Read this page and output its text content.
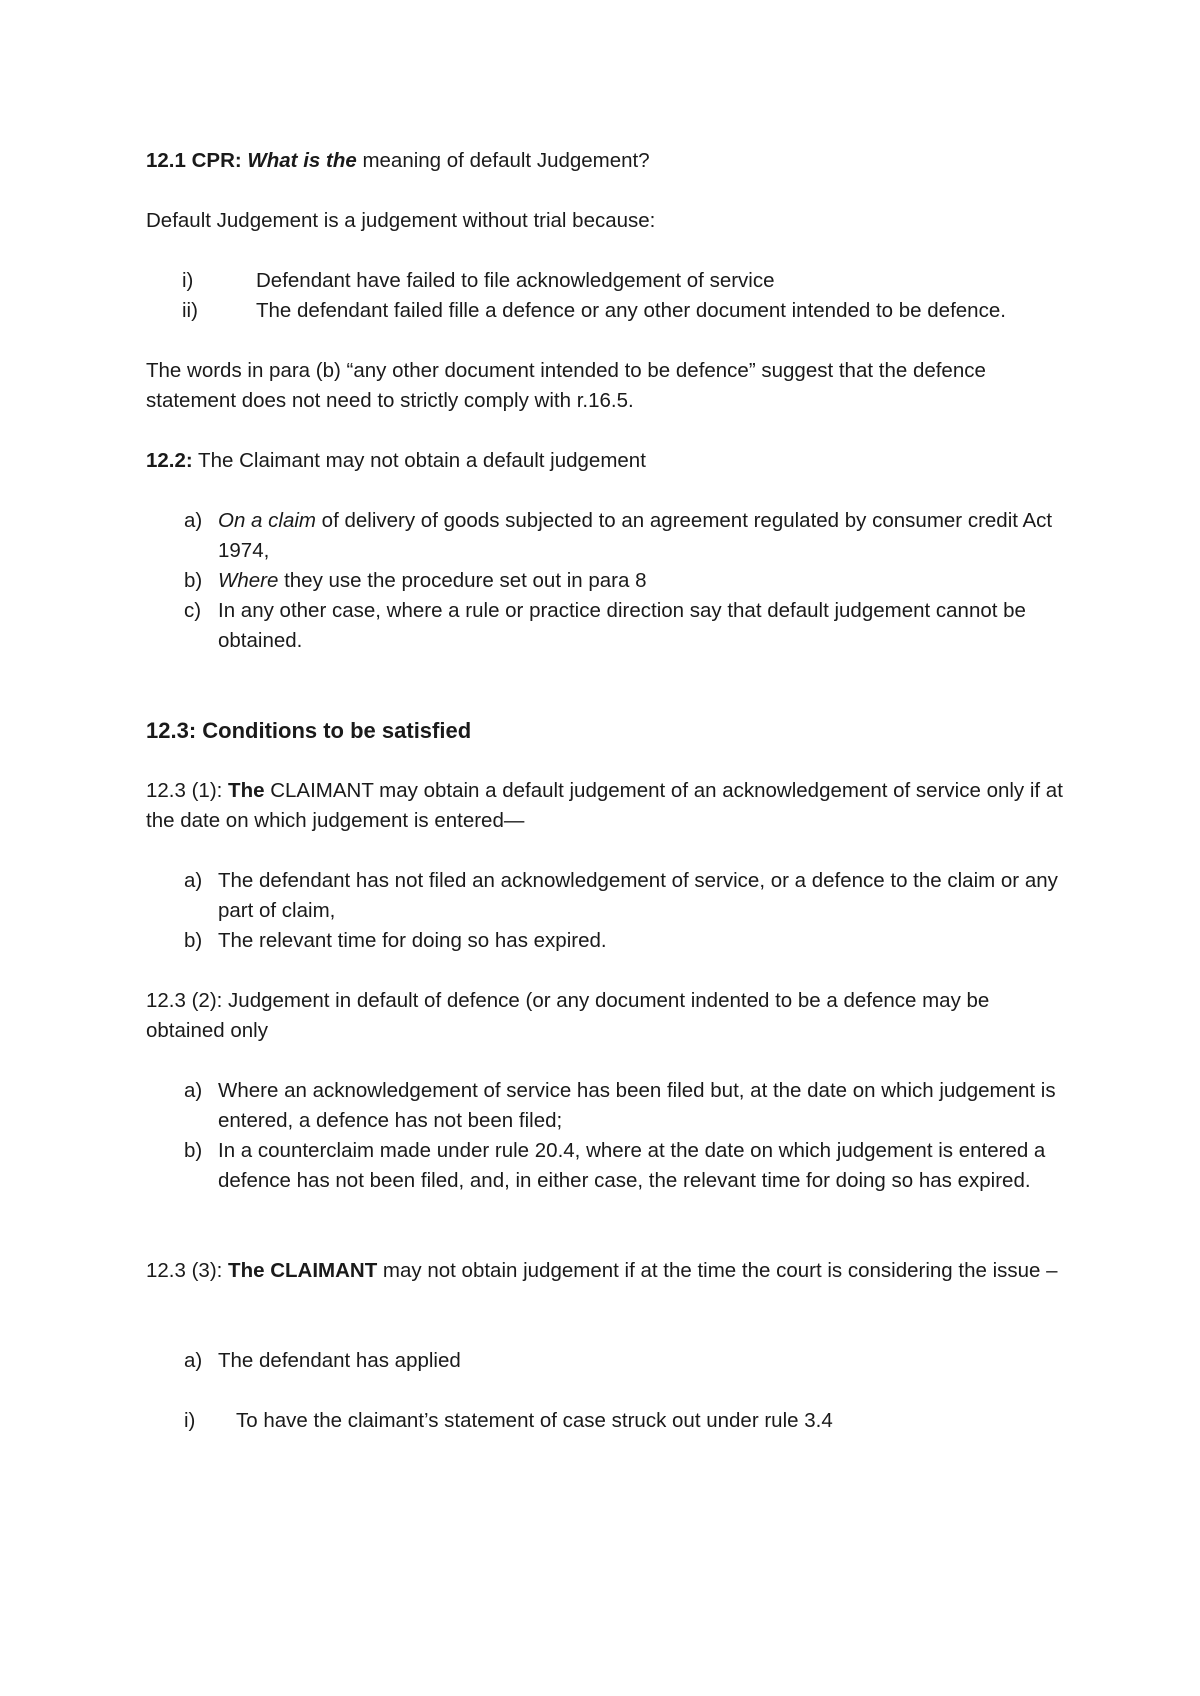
12.1 CPR: What is the meaning of default Judgement?

Default Judgement is a judgement without trial because:

i)	Defendant have failed to file acknowledgement of service
ii)	The defendant failed fille a defence or any other document intended to be defence.

The words in para (b) “any other document intended to be defence” suggest that the defence statement does not need to strictly comply with r.16.5.

12.2: The Claimant may not obtain a default judgement

a) On a claim of delivery of goods subjected to an agreement regulated by consumer credit Act 1974,
b) Where they use the procedure set out in para 8
c) In any other case, where a rule or practice direction say that default judgement cannot be obtained.

12.3: Conditions to be satisfied

12.3 (1): The CLAIMANT may obtain a default judgement of an acknowledgement of service only if at the date on which judgement is entered—

a) The defendant has not filed an acknowledgement of service, or a defence to the claim or any part of claim,
b) The relevant time for doing so has expired.

12.3 (2): Judgement in default of defence (or any document indented to be a defence may be obtained only

a) Where an acknowledgement of service has been filed but, at the date on which judgement is entered, a defence has not been filed;
b) In a counterclaim made under rule 20.4, where at the date on which judgement is entered a defence has not been filed, and, in either case, the relevant time for doing so has expired.

12.3 (3): The CLAIMANT may not obtain judgement if at the time the court is considering the issue –

a) The defendant has applied
i)	To have the claimant’s statement of case struck out under rule 3.4
